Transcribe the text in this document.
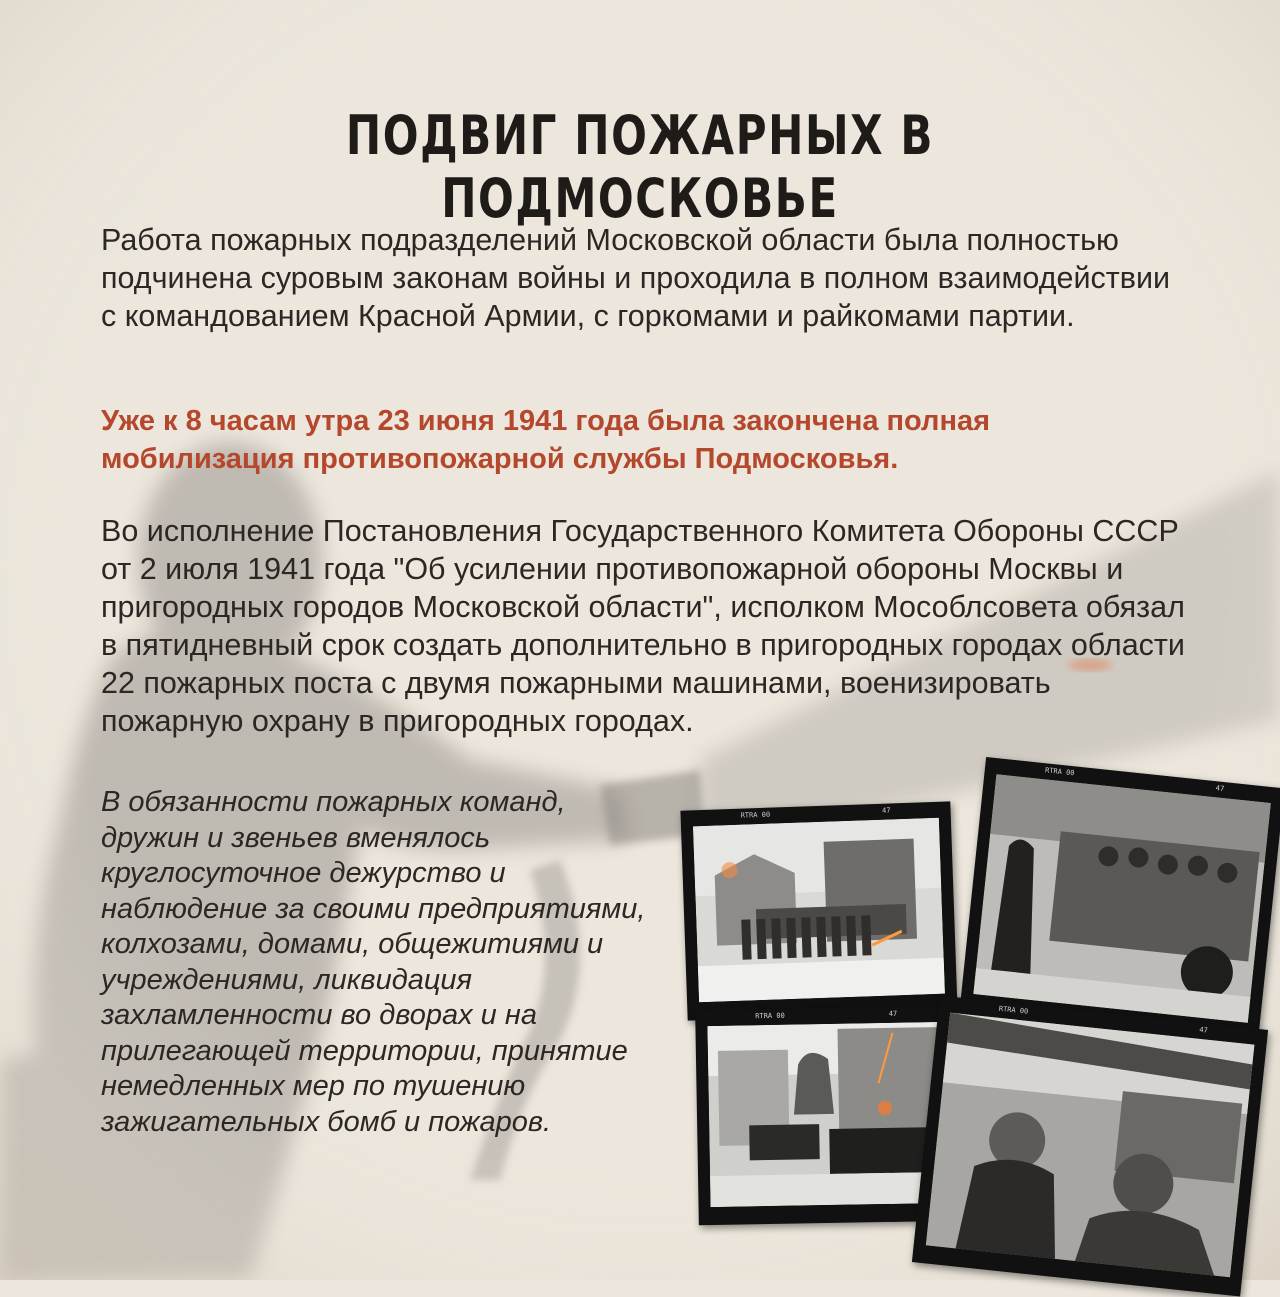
ПОДВИГ ПОЖАРНЫХ В ПОДМОСКОВЬЕ

Работа пожарных подразделений Московской области была полностью подчинена суровым законам войны и проходила в полном взаимодействии с командованием Красной Армии, с горкомами и райкомами партии.

Уже к 8 часам утра 23 июня 1941 года была закончена полная мобилизация противопожарной службы Подмосковья.

Во исполнение Постановления Государственного Комитета Обороны СССР от 2 июля 1941 года "Об усилении противопожарной обороны Москвы и пригородных городов Московской области", исполком Мособлсовета обязал в пятидневный срок создать дополнительно в пригородных городах области 22 пожарных поста с двумя пожарными машинами, военизировать пожарную охрану в пригородных городах.

В обязанности пожарных команд, дружин и звеньев вменялось круглосуточное дежурство и наблюдение за своими предприятиями, колхозами, домами, общежитиями и учреждениями, ликвидация захламленности во дворах и на прилегающей территории, принятие немедленных мер по тушению зажигательных бомб и пожаров.

RTRA 00
47
RTRA 00
47
RTRA 00	47	RTRA 00
47
